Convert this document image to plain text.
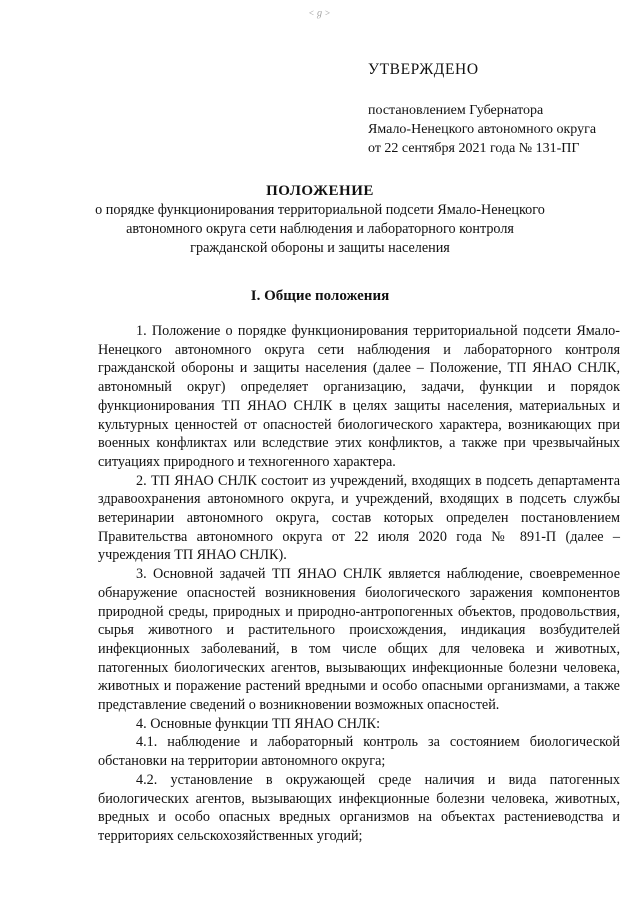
<ℊ>
УТВЕРЖДЕНО
постановлением Губернатора
Ямало-Ненецкого автономного округа
от 22 сентября 2021 года № 131-ПГ
ПОЛОЖЕНИЕ
о порядке функционирования территориальной подсети Ямало-Ненецкого автономного округа сети наблюдения и лабораторного контроля гражданской обороны и защиты населения
I. Общие положения

1. Положение о порядке функционирования территориальной подсети Ямало-Ненецкого автономного округа сети наблюдения и лабораторного контроля гражданской обороны и защиты населения (далее – Положение, ТП ЯНАО СНЛК, автономный округ) определяет организацию, задачи, функции и порядок функционирования ТП ЯНАО СНЛК в целях защиты населения, материальных и культурных ценностей от опасностей биологического характера, возникающих при военных конфликтах или вследствие этих конфликтов, а также при чрезвычайных ситуациях природного и техногенного характера.

2. ТП ЯНАО СНЛК состоит из учреждений, входящих в подсеть департамента здравоохранения автономного округа, и учреждений, входящих в подсеть службы ветеринарии автономного округа, состав которых определен постановлением Правительства автономного округа от 22 июля 2020 года № 891-П (далее – учреждения ТП ЯНАО СНЛК).

3. Основной задачей ТП ЯНАО СНЛК является наблюдение, своевременное обнаружение опасностей возникновения биологического заражения компонентов природной среды, природных и природно-антропогенных объектов, продовольствия, сырья животного и растительного происхождения, индикация возбудителей инфекционных заболеваний, в том числе общих для человека и животных, патогенных биологических агентов, вызывающих инфекционные болезни человека, животных и поражение растений вредными и особо опасными организмами, а также представление сведений о возникновении возможных опасностей.

4. Основные функции ТП ЯНАО СНЛК:

4.1. наблюдение и лабораторный контроль за состоянием биологической обстановки на территории автономного округа;

4.2. установление в окружающей среде наличия и вида патогенных биологических агентов, вызывающих инфекционные болезни человека, животных, вредных и особо опасных вредных организмов на объектах растениеводства и территориях сельскохозяйственных угодий;
